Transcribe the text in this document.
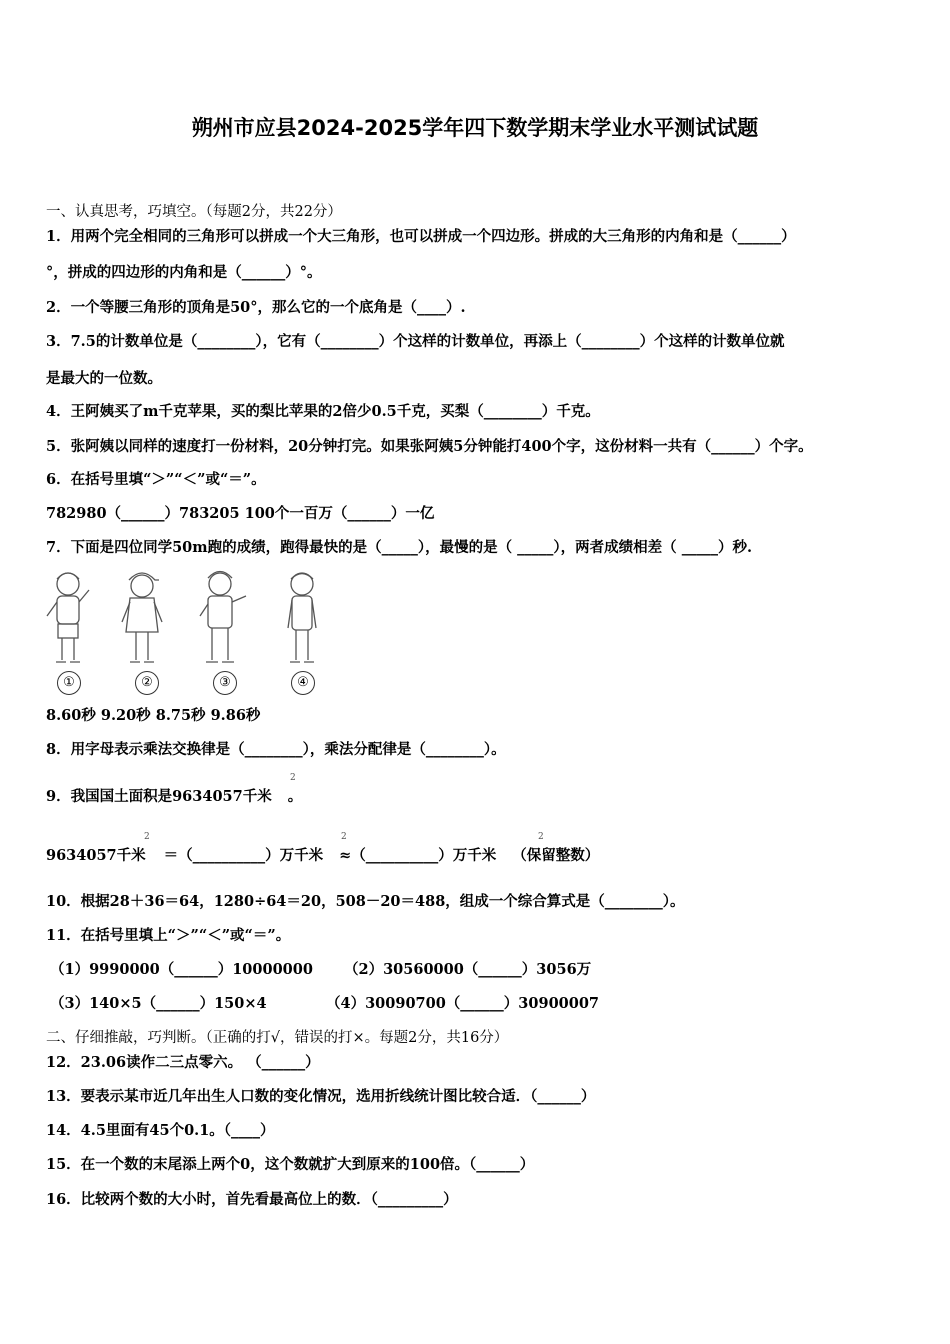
朔州市应县2024-2025学年四下数学期末学业水平测试试题
一、认真思考，巧填空。（每题2分，共22分）
1．用两个完全相同的三角形可以拼成一个大三角形，也可以拼成一个四边形。拼成的大三角形的内角和是（______）
°，拼成的四边形的内角和是（______）°。
2．一个等腰三角形的顶角是50°，那么它的一个底角是（____）.
3．7.5的计数单位是（________），它有（________）个这样的计数单位，再添上（________）个这样的计数单位就
是最大的一位数。
4．王阿姨买了m千克苹果，买的梨比苹果的2倍少0.5千克，买梨（________）千克。
5．张阿姨以同样的速度打一份材料，20分钟打完。如果张阿姨5分钟能打400个字，这份材料一共有（______）个字。
6．在括号里填“＞”“＜”或“＝”。
782980（______）783205 100个一百万（______）一亿
7．下面是四位同学50m跑的成绩，跑得最快的是（_____），最慢的是（ _____），两者成绩相差（ _____）秒.
①	②	③	④
8.60秒 9.20秒 8.75秒 9.86秒
8．用字母表示乘法交换律是（________），乘法分配律是（________）。
9．我国国土面积是9634057千米 。
2
9634057千米 ＝（__________）万千米 ≈（__________）万千米 （保留整数）
2	2	2
10．根据28＋36＝64，1280÷64＝20，508－20＝488，组成一个综合算式是（________）。
11．在括号里填上“＞”“＜”或“＝”。
（1）9990000（______）10000000 （2）30560000（______）3056万
（3）140×5（______）150×4	（4）30090700（______）30900007
二、仔细推敲，巧判断。（正确的打√，错误的打×。每题2分，共16分）
12．23.06读作二三点零六。 （______）
13．要表示某市近几年出生人口数的变化情况，选用折线统计图比较合适．（______）
14．4.5里面有45个0.1。（____）
15．在一个数的末尾添上两个0，这个数就扩大到原来的100倍。（______）
16．比较两个数的大小时，首先看最高位上的数．（_________）
